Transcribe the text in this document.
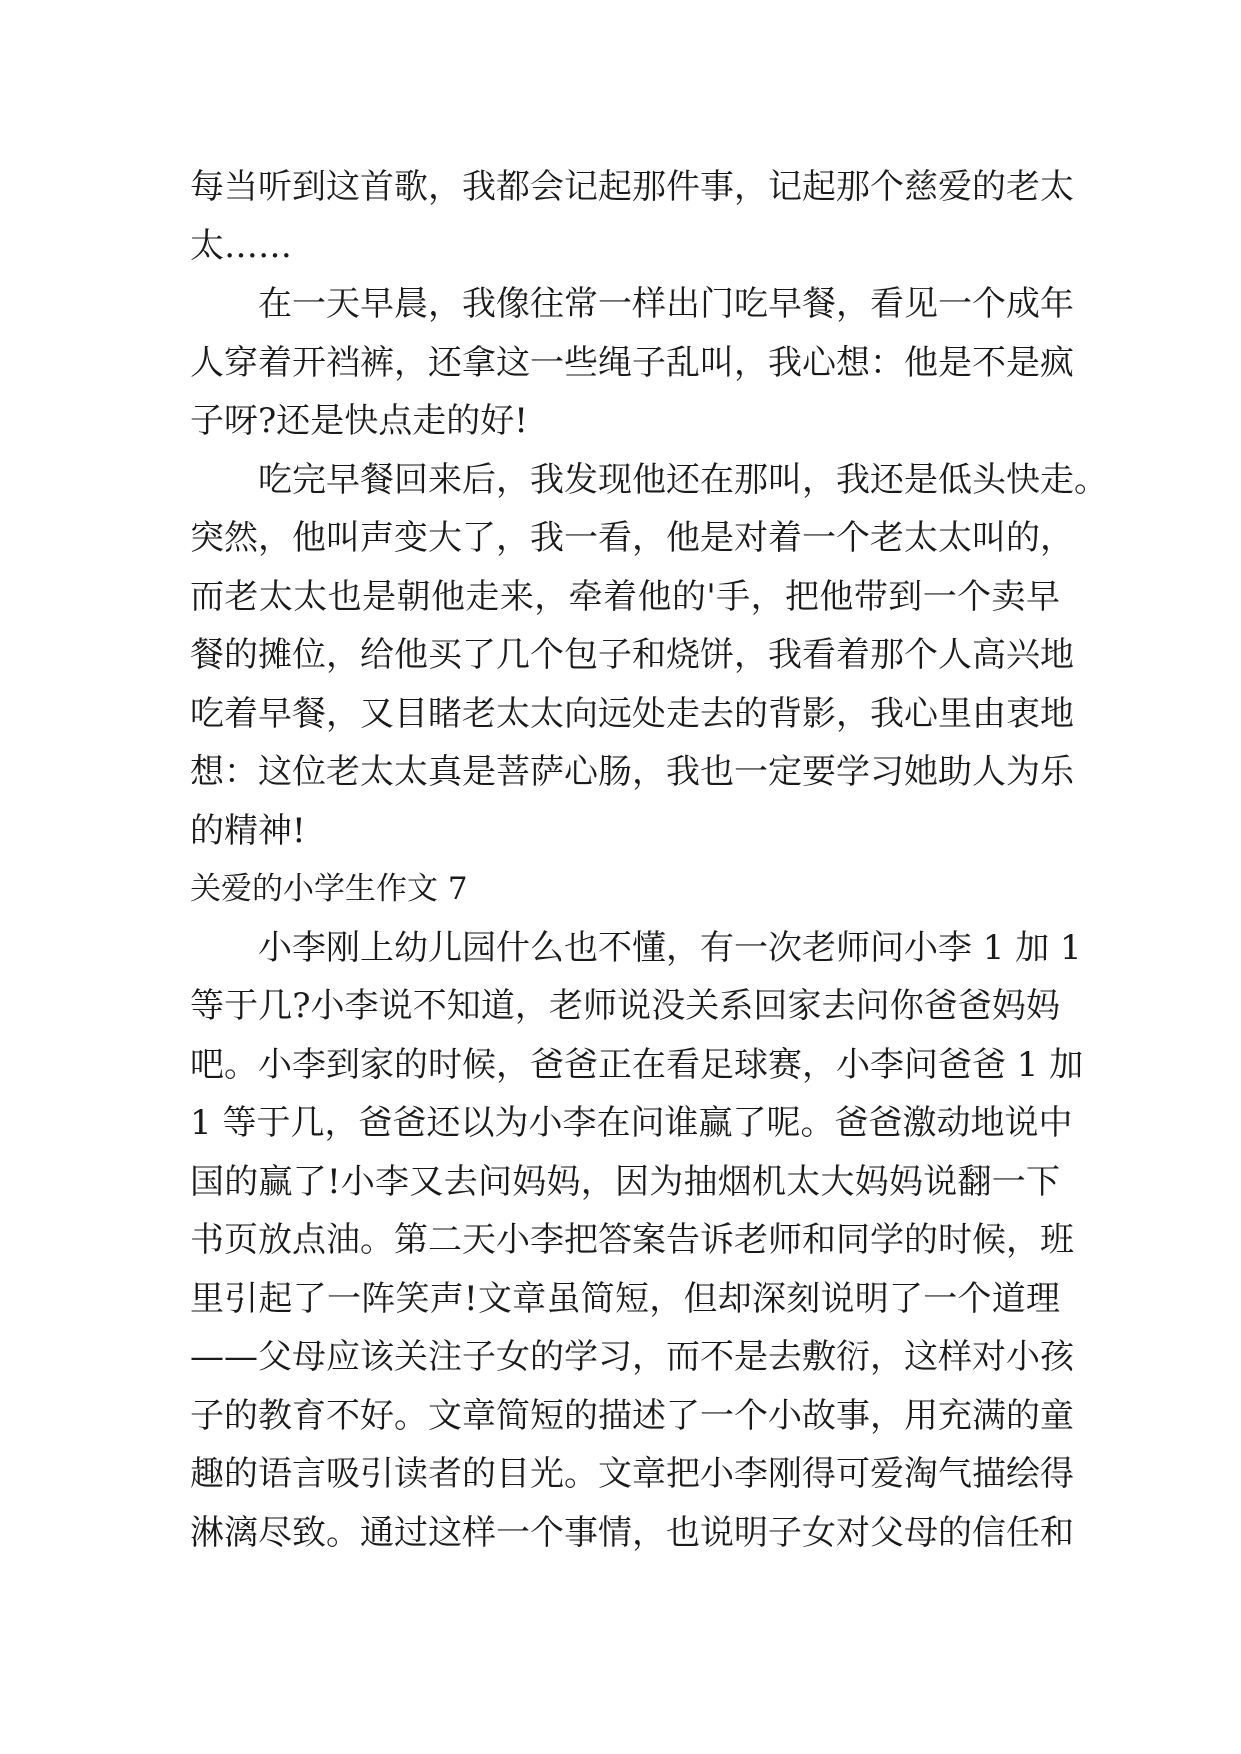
每当听到这首歌，我都会记起那件事，记起那个慈爱的老太
太……
在一天早晨，我像往常一样出门吃早餐，看见一个成年
人穿着开裆裤，还拿这一些绳子乱叫，我心想：他是不是疯
子呀?还是快点走的好!
吃完早餐回来后，我发现他还在那叫，我还是低头快走。
突然，他叫声变大了，我一看，他是对着一个老太太叫的，
而老太太也是朝他走来，牵着他的'手，把他带到一个卖早
餐的摊位，给他买了几个包子和烧饼，我看着那个人高兴地
吃着早餐，又目睹老太太向远处走去的背影，我心里由衷地
想：这位老太太真是菩萨心肠，我也一定要学习她助人为乐
的精神!
关爱的小学生作文 7
小李刚上幼儿园什么也不懂，有一次老师问小李 1 加 1
等于几?小李说不知道，老师说没关系回家去问你爸爸妈妈
吧。小李到家的时候，爸爸正在看足球赛，小李问爸爸 1 加
1 等于几，爸爸还以为小李在问谁赢了呢。爸爸激动地说中
国的赢了!小李又去问妈妈，因为抽烟机太大妈妈说翻一下
书页放点油。第二天小李把答案告诉老师和同学的时候，班
里引起了一阵笑声!文章虽简短，但却深刻说明了一个道理
——父母应该关注子女的学习，而不是去敷衍，这样对小孩
子的教育不好。文章简短的描述了一个小故事，用充满的童
趣的语言吸引读者的目光。文章把小李刚得可爱淘气描绘得
淋漓尽致。通过这样一个事情，也说明子女对父母的信任和
